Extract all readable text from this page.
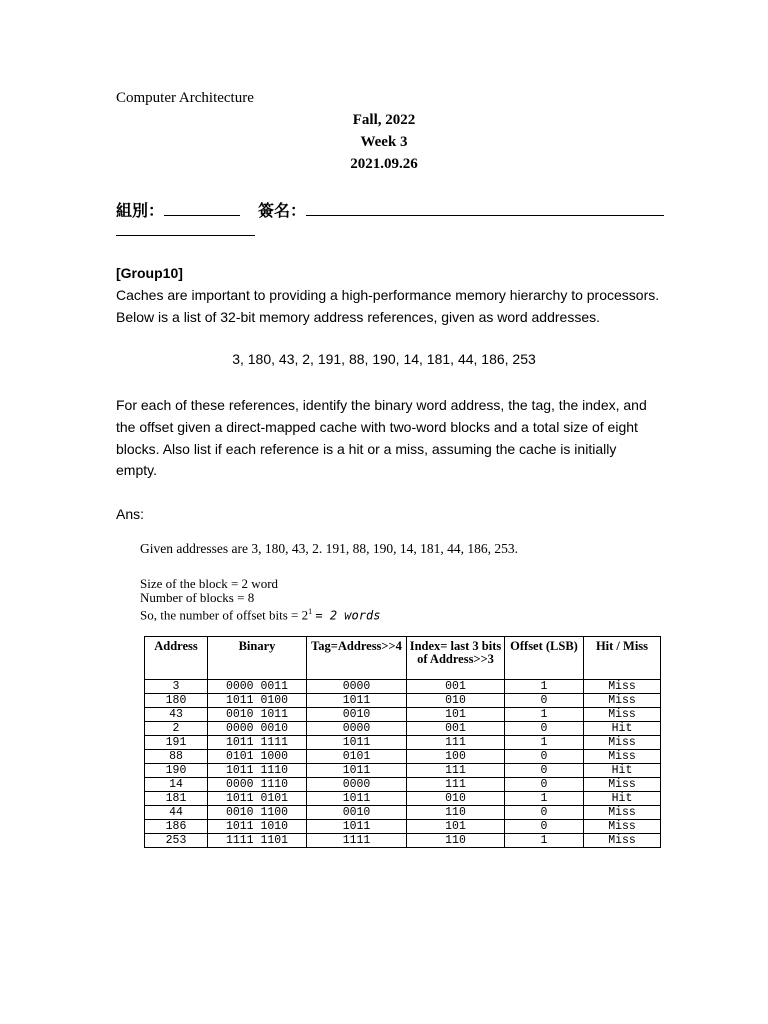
Computer Architecture
Fall, 2022
Week 3
2021.09.26
組別：	簽名：
[Group10]
Caches are important to providing a high-performance memory hierarchy to processors. Below is a list of 32-bit memory address references, given as word addresses.
3, 180, 43, 2, 191, 88, 190, 14, 181, 44, 186, 253
For each of these references, identify the binary word address, the tag, the index, and the offset given a direct-mapped cache with two-word blocks and a total size of eight blocks. Also list if each reference is a hit or a miss, assuming the cache is initially empty.
Ans:
Given addresses are 3, 180, 43, 2. 191, 88, 190, 14, 181, 44, 186, 253.
Size of the block = 2 word
Number of blocks = 8
So, the number of offset bits = $2^1 = 2$ words
Address	Binary	Tag=Address>>4	Index= last 3 bits of Address>>3	Offset (LSB)	Hit / Miss
3	0000 0011	0000	001	1	Miss
180	1011 0100	1011	010	0	Miss
43	0010 1011	0010	101	1	Miss
2	0000 0010	0000	001	0	Hit
191	1011 1111	1011	111	1	Miss
88	0101 1000	0101	100	0	Miss
190	1011 1110	1011	111	0	Hit
14	0000 1110	0000	111	0	Miss
181	1011 0101	1011	010	1	Hit
44	0010 1100	0010	110	0	Miss
186	1011 1010	1011	101	0	Miss
253	1111 1101	1111	110	1	Miss
